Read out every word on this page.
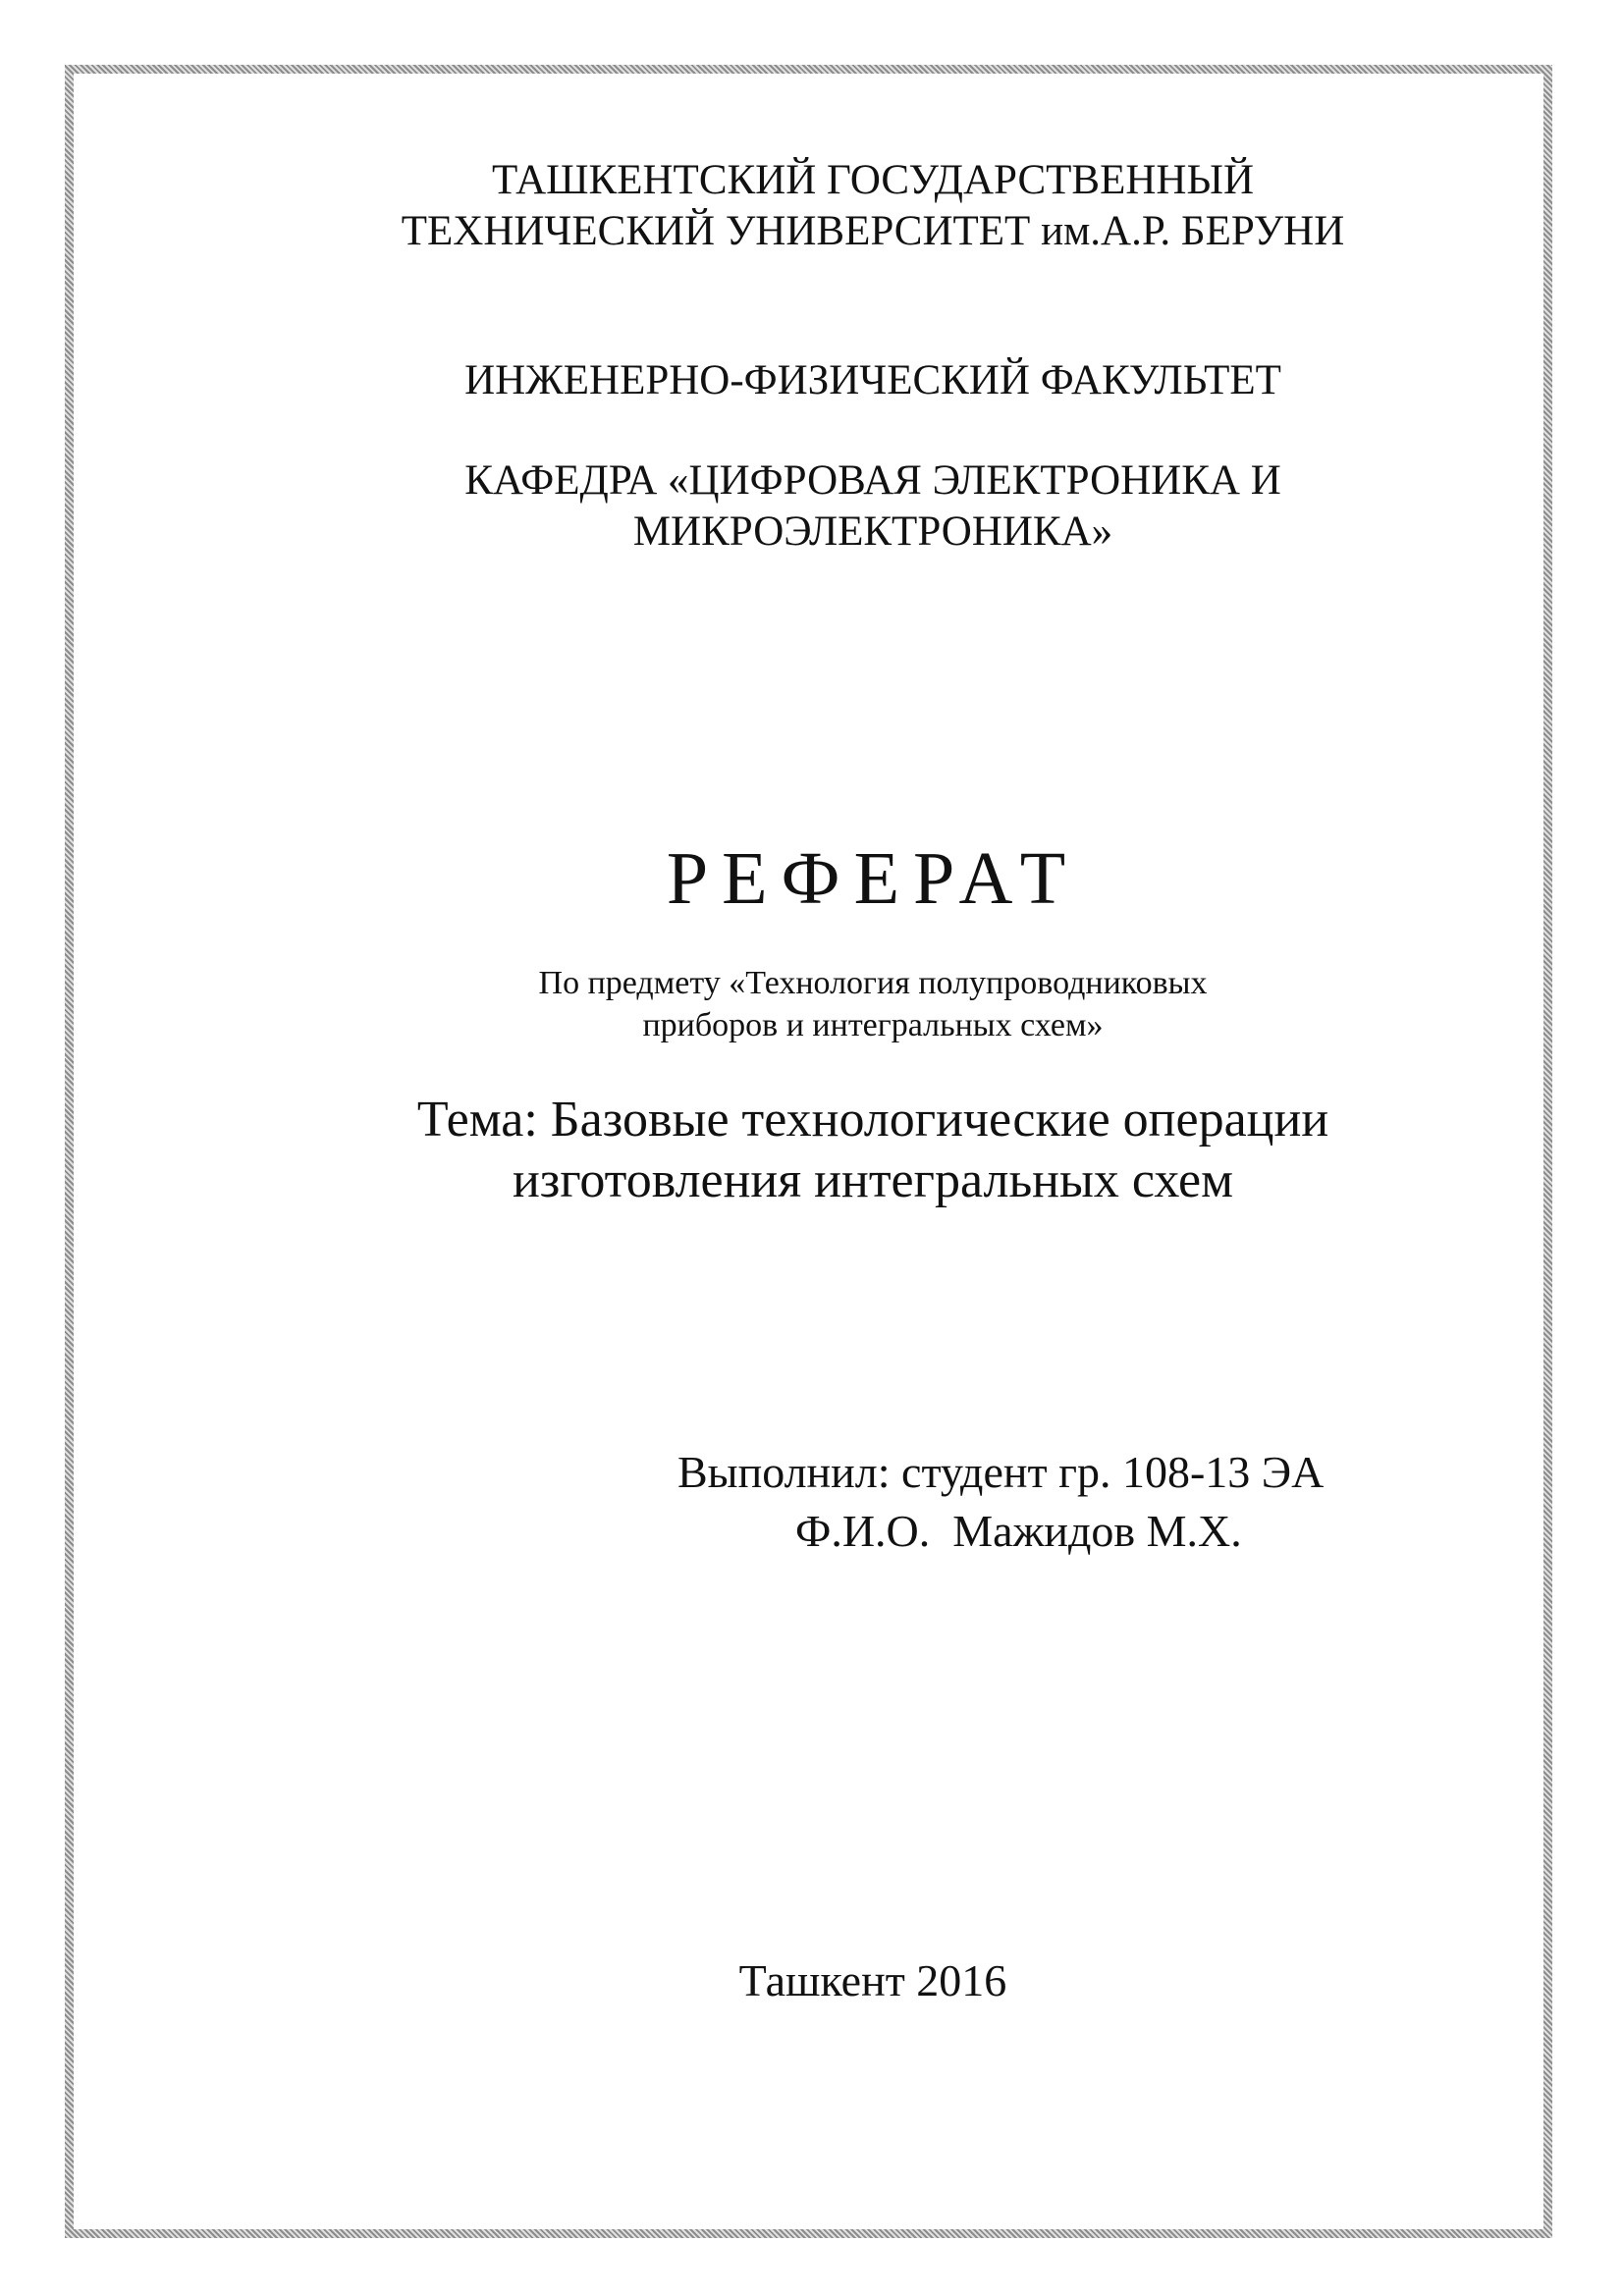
ТАШКЕНТСКИЙ ГОСУДАРСТВЕННЫЙ
ТЕХНИЧЕСКИЙ УНИВЕРСИТЕТ им.А.Р. БЕРУНИ
ИНЖЕНЕРНО-ФИЗИЧЕСКИЙ ФАКУЛЬТЕТ
КАФЕДРА «ЦИФРОВАЯ ЭЛЕКТРОНИКА И
МИКРОЭЛЕКТРОНИКА»
РЕФЕРАТ
По предмету «Технология полупроводниковых
приборов и интегральных схем»
Тема: Базовые технологические операции
изготовления интегральных схем
Выполнил: студент гр. 108-13 ЭА
Ф.И.О.  Мажидов М.Х.
Ташкент 2016
